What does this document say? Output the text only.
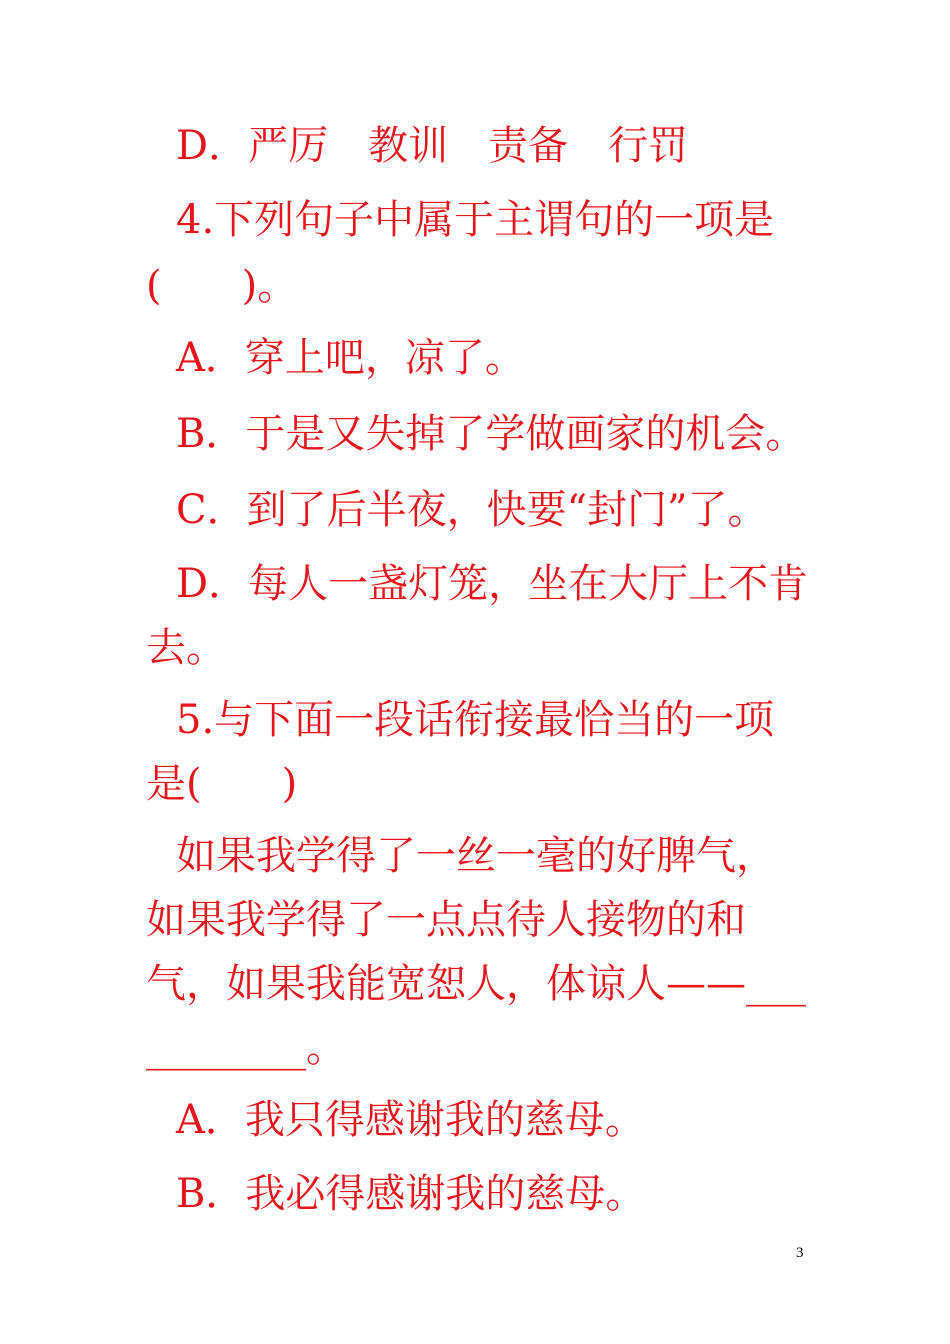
D．严厉　教训　责备　行罚
4.下列句子中属于主谓句的一项是
(　　)。
A．穿上吧，凉了。
B．于是又失掉了学做画家的机会。
C．到了后半夜，快要“封门”了。
D．每人一盏灯笼，坐在大厅上不肯
去。
5.与下面一段话衔接最恰当的一项
是(　　)
如果我学得了一丝一毫的好脾气，
如果我学得了一点点待人接物的和
气，如果我能宽恕人，体谅人——___
________。
A．我只得感谢我的慈母。
B．我必得感谢我的慈母。
3
